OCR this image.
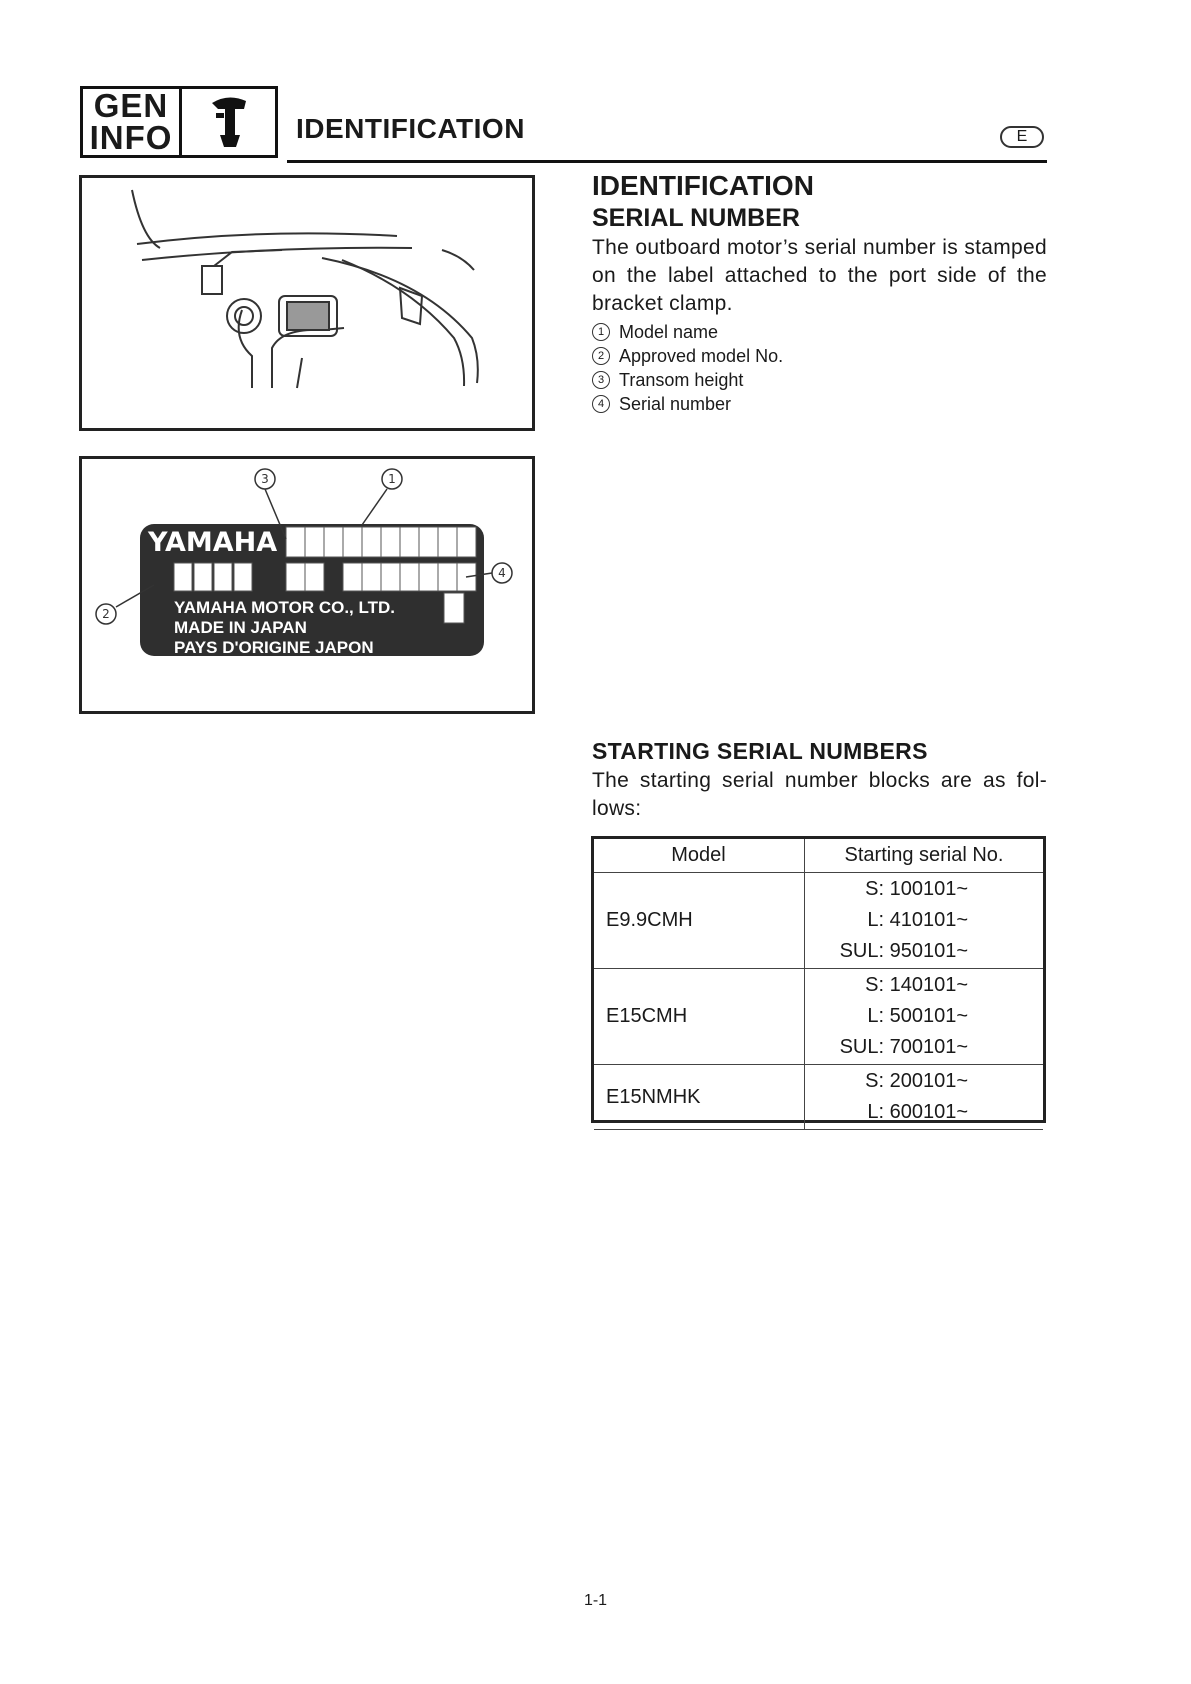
GEN
INFO	IDENTIFICATION	E
3	1
4
2
YAMAHA
YAMAHA MOTOR CO., LTD.
MADE IN JAPAN
PAYS D'ORIGINE JAPON
IDENTIFICATION
SERIAL NUMBER
The outboard motor’s serial number is stamped on the label attached to the port side of the bracket clamp.
1 Model name
2 Approved model No.
3 Transom height
4 Serial number
STARTING SERIAL NUMBERS
The starting serial number blocks are as fol-lows:
Model	Starting serial No.
E9.9CMH	S: 100101~
L: 410101~
SUL: 950101~

E15CMH	S: 140101~
L: 500101~
SUL: 700101~

E15NMHK	S: 200101~
L: 600101~
1-1
